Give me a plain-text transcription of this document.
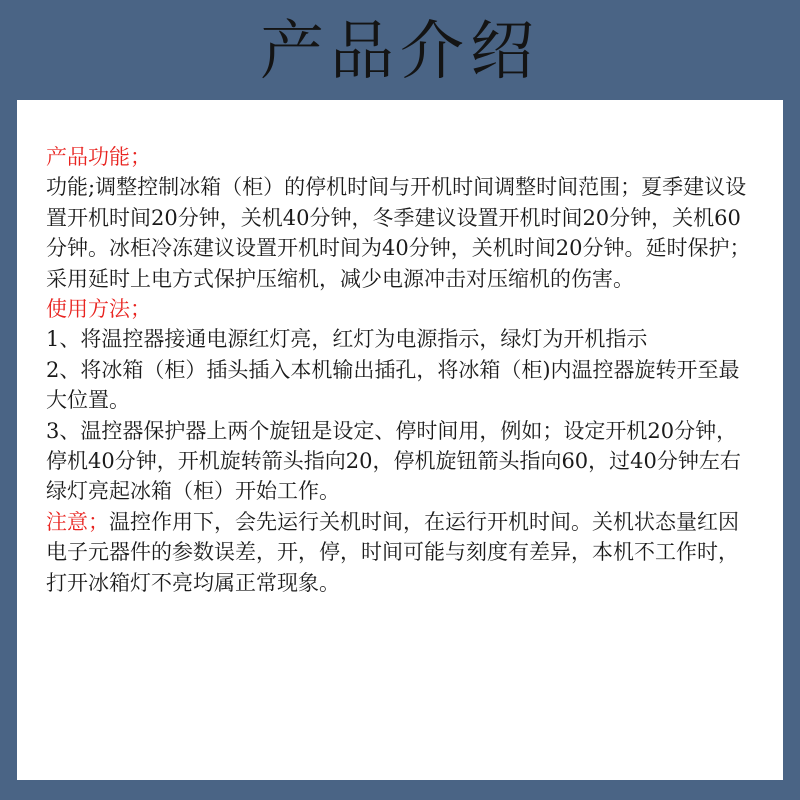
产品介绍

产品功能；

功能;调整控制冰箱（柜）的停机时间与开机时间调整时间范围；夏季建议设置开机时间20分钟，关机40分钟，冬季建议设置开机时间20分钟，关机60分钟。冰柜冷冻建议设置开机时间为40分钟，关机时间20分钟。延时保护；采用延时上电方式保护压缩机，减少电源冲击对压缩机的伤害。

使用方法；

1、将温控器接通电源红灯亮，红灯为电源指示，绿灯为开机指示

2、将冰箱（柜）插头插入本机输出插孔，将冰箱（柜)内温控器旋转开至最大位置。

3、温控器保护器上两个旋钮是设定、停时间用，例如；设定开机20分钟，停机40分钟，开机旋转箭头指向20，停机旋钮箭头指向60，过40分钟左右绿灯亮起冰箱（柜）开始工作。

注意；温控作用下，会先运行关机时间，在运行开机时间。关机状态量红因电子元器件的参数误差，开，停，时间可能与刻度有差异，本机不工作时，打开冰箱灯不亮均属正常现象。
